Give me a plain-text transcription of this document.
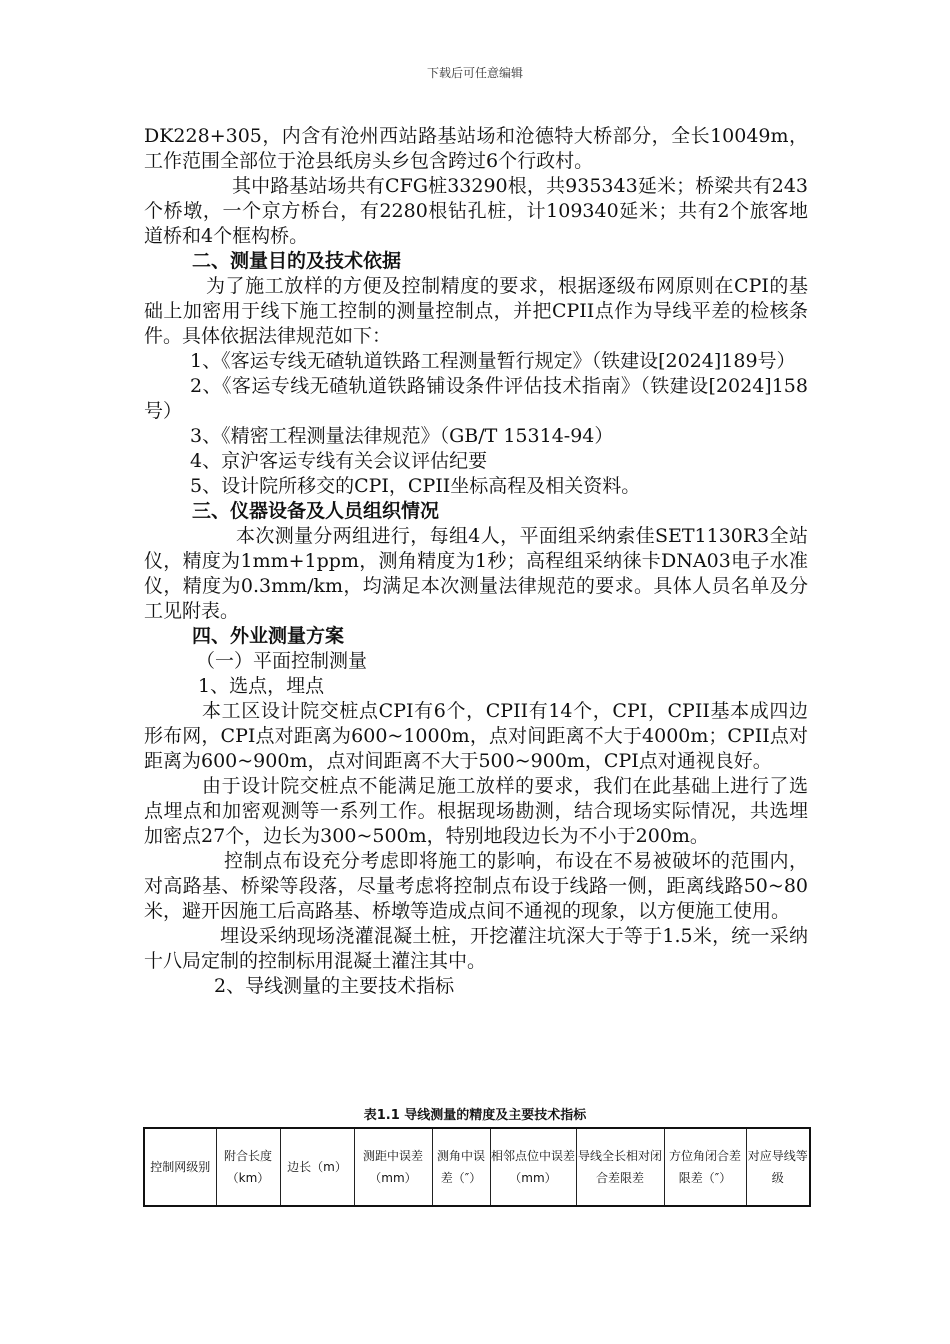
下载后可任意编辑

DK228+305，内含有沧州西站路基站场和沧德特大桥部分，全长10049m，工作范围全部位于沧县纸房头乡包含跨过6个行政村。

其中路基站场共有CFG桩33290根，共935343延米；桥梁共有243个桥墩，一个京方桥台，有2280根钻孔桩，计109340延米；共有2个旅客地道桥和4个框构桥。

二、测量目的及技术依据

为了施工放样的方便及控制精度的要求，根据逐级布网原则在CPI的基础上加密用于线下施工控制的测量控制点，并把CPII点作为导线平差的检核条件。具体依据法律规范如下：

1、《客运专线无碴轨道铁路工程测量暂行规定》（铁建设[2024]189号）

2、《客运专线无碴轨道铁路铺设条件评估技术指南》（铁建设[2024]158号）

3、《精密工程测量法律规范》（GB/T 15314-94）

4、京沪客运专线有关会议评估纪要

5、设计院所移交的CPI，CPII坐标高程及相关资料。

三、仪器设备及人员组织情况

本次测量分两组进行，每组4人，平面组采纳索佳SET1130R3全站仪，精度为1mm+1ppm，测角精度为1秒；高程组采纳徕卡DNA03电子水准仪，精度为0.3mm/km，均满足本次测量法律规范的要求。具体人员名单及分工见附表。

四、外业测量方案

（一）平面控制测量

1、选点，埋点

本工区设计院交桩点CPI有6个，CPII有14个，CPI，CPII基本成四边形布网，CPI点对距离为600~1000m，点对间距离不大于4000m；CPII点对距离为600~900m，点对间距离不大于500~900m，CPI点对通视良好。

由于设计院交桩点不能满足施工放样的要求，我们在此基础上进行了选点埋点和加密观测等一系列工作。根据现场勘测，结合现场实际情况，共选埋加密点27个，边长为300~500m，特别地段边长为不小于200m。

控制点布设充分考虑即将施工的影响，布设在不易被破坏的范围内，对高路基、桥梁等段落，尽量考虑将控制点布设于线路一侧，距离线路50~80米，避开因施工后高路基、桥墩等造成点间不通视的现象，以方便施工使用。

埋设采纳现场浇灌混凝土桩，开挖灌注坑深大于等于1.5米，统一采纳十八局定制的控制标用混凝土灌注其中。

2、导线测量的主要技术指标

表1.1 导线测量的精度及主要技术指标
控制网级别	附合长度（km）	边长（m）	测距中误差（mm）	测角中误差（″）	相邻点位中误差（mm）	导线全长相对闭合差限差	方位角闭合差限差（″）	对应导线等级
